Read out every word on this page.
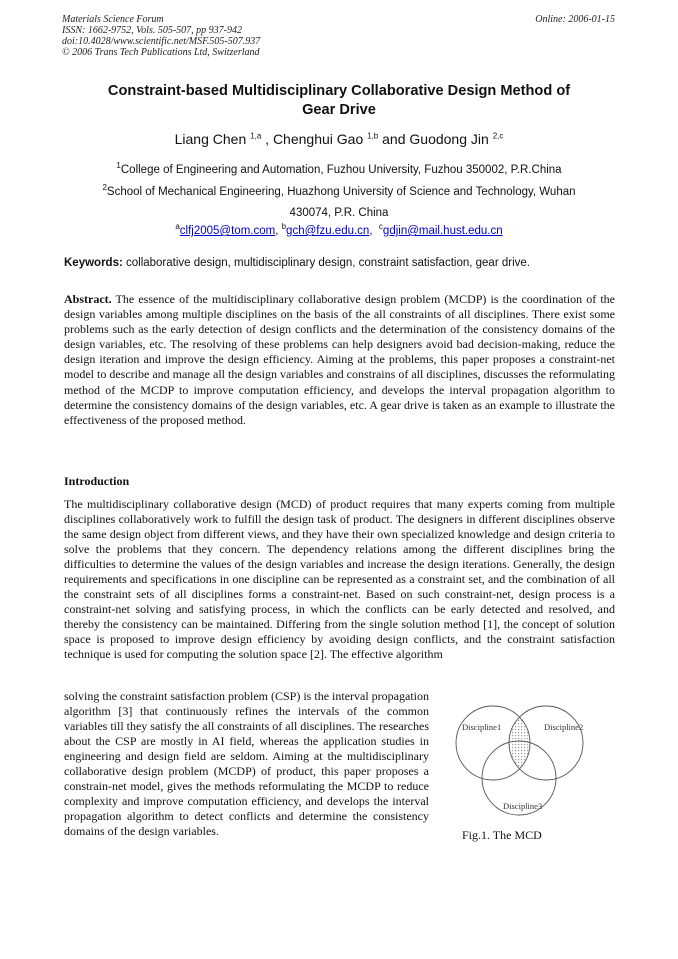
Materials Science Forum
ISSN: 1662-9752, Vols. 505-507, pp 937-942
doi:10.4028/www.scientific.net/MSF.505-507.937
© 2006 Trans Tech Publications Ltd, Switzerland
Online: 2006-01-15
Constraint-based Multidisciplinary Collaborative Design Method of
Gear Drive
Liang Chen $^{1,a}$ , Chenghui Gao $^{1,b}$ and Guodong Jin $^{2,c}$
$^1$College of Engineering and Automation, Fuzhou University, Fuzhou 350002, P.R.China
$^2$School of Mechanical Engineering, Huazhong University of Science and Technology, Wuhan
430074, P.R. China
$^a$clfj2005@tom.com, $^b$gch@fzu.edu.cn,  $^c$gdjin@mail.hust.edu.cn
Keywords: collaborative design, multidisciplinary design, constraint satisfaction, gear drive.
Abstract. The essence of the multidisciplinary collaborative design problem (MCDP) is the coordination of the design variables among multiple disciplines on the basis of the all constraints of all disciplines. There exist some problems such as the early detection of design conflicts and the determination of the consistency domains of the design variables, etc. The resolving of these problems can help designers avoid bad decision-making, reduce the design iteration and improve the design efficiency. Aiming at the problems, this paper proposes a constraint-net model to describe and manage all the design variables and constrains of all disciplines, discusses the reformulating method of the MCDP to improve computation efficiency, and develops the interval propagation algorithm to determine the consistency domains of the design variables, etc. A gear drive is taken as an example to illustrate the effectiveness of the proposed method.
Introduction
The multidisciplinary collaborative design (MCD) of product requires that many experts coming from multiple disciplines collaboratively work to fulfill the design task of product. The designers in different disciplines observe the same design object from different views, and they have their own specialized knowledge and design criteria to solve the problems that they concern. The dependency relations among the different disciplines bring the difficulties to determine the values of the design variables and increase the design iterations. Generally, the design requirements and specifications in one discipline can be represented as a constraint set, and the combination of all the constraint sets of all disciplines forms a constraint-net. Based on such constraint-net, design process is a constraint-net solving and satisfying process, in which the conflicts can be early detected and resolved, and thereby the consistency can be maintained. Differing from the single solution method [1], the concept of solution space is proposed to improve design efficiency by avoiding design conflicts, and the constraint satisfaction technique is used for computing the solution space [2]. The effective algorithm
solving the constraint satisfaction problem (CSP) is the interval propagation algorithm [3] that continuously refines the intervals of the common variables till they satisfy the all constraints of all disciplines. The researches about the CSP are mostly in AI field, whereas the application studies in engineering and design field are seldom. Aiming at the multidisciplinary collaborative design problem (MCDP) of product, this paper proposes a constrain-net model, gives the methods reformulating the MCDP to reduce complexity and improve computation efficiency, and develops the interval propagation algorithm to detect conflicts and determine the consistency domains of the design variables.
Discipline1	Discipline2
Discipline3
Fig.1. The MCD
